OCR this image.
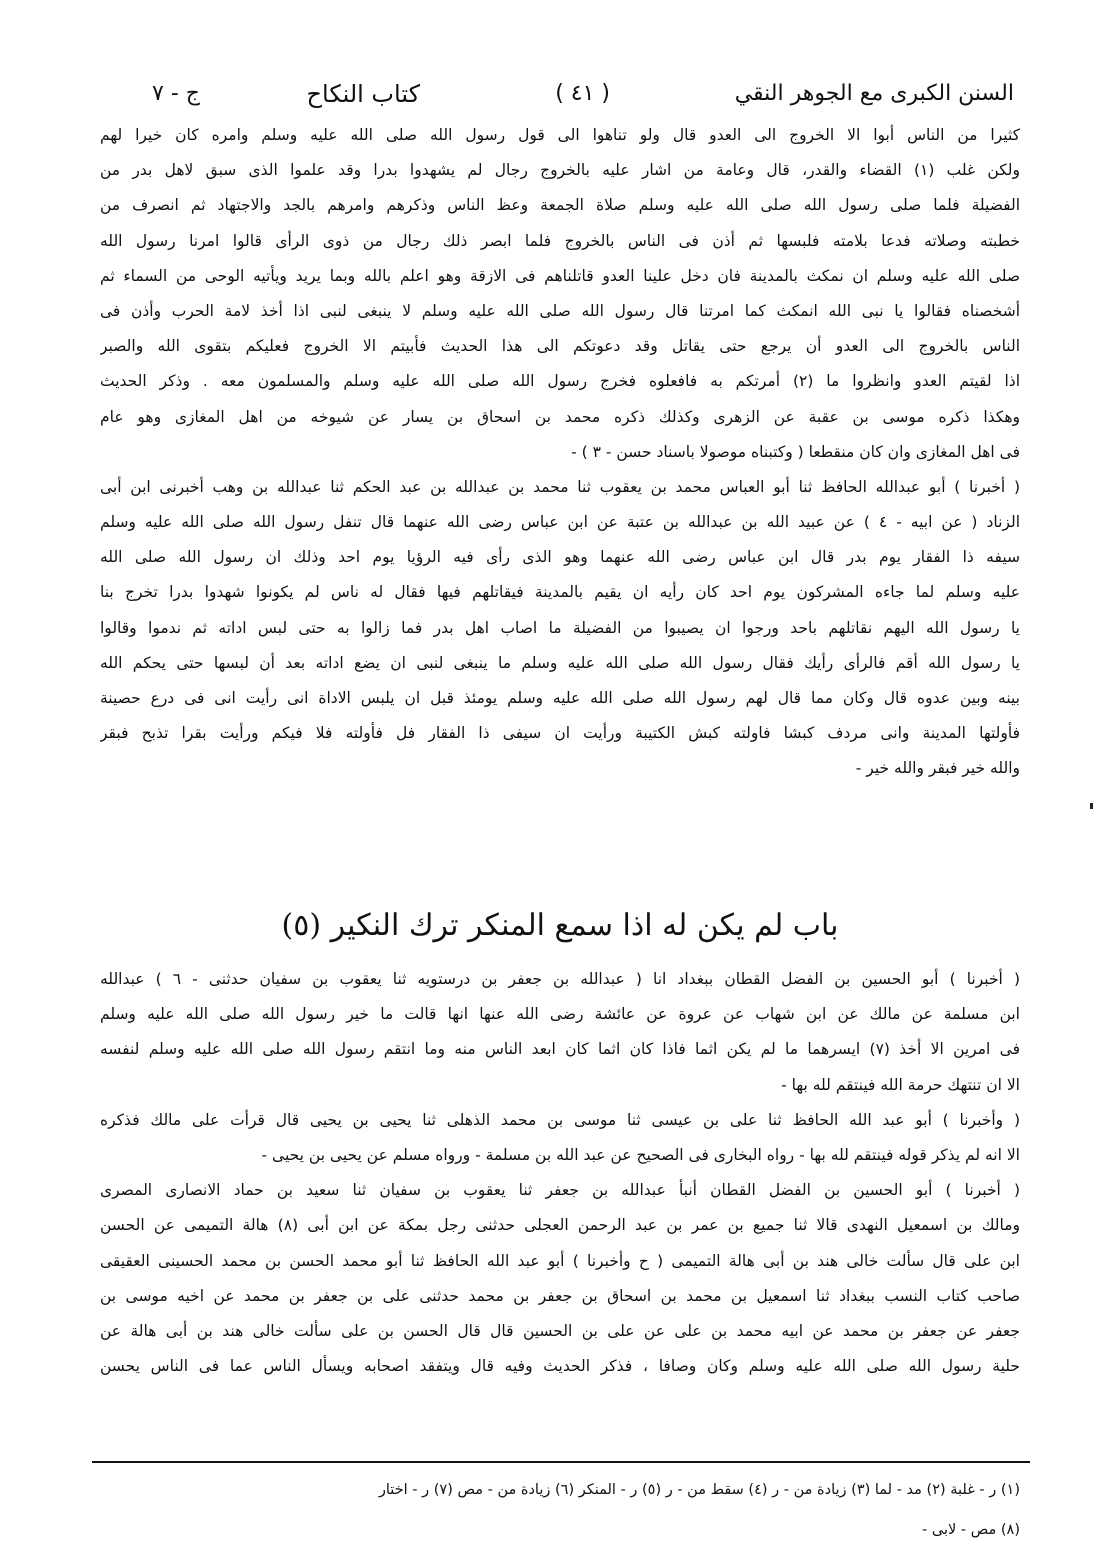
السنن الكبرى مع الجوهر النقي
( ٤١ )
كتاب النكاح
ج - ٧
كثيرا من الناس أبوا الا الخروج الى العدو قال ولو تناهوا الى قول رسول الله صلى الله عليه وسلم وامره كان خيرا لهم
ولكن غلب (١) القضاء والقدر، قال وعامة من اشار عليه بالخروج رجال لم يشهدوا بدرا وقد علموا الذى سبق لاهل بدر من
الفضيلة فلما صلى رسول الله صلى الله عليه وسلم صلاة الجمعة وعظ الناس وذكرهم وامرهم بالجد والاجتهاد ثم انصرف من
خطبته وصلاته فدعا بلامته فلبسها ثم أذن فى الناس بالخروج فلما ابصر ذلك رجال من ذوى الرأى قالوا امرنا رسول الله
صلى الله عليه وسلم ان نمكث بالمدينة فان دخل علينا العدو قاتلناهم فى الازقة وهو اعلم بالله وبما يريد ويأتيه الوحى من السماء ثم
أشخصناه فقالوا يا نبى الله انمكث كما امرتنا قال رسول الله صلى الله عليه وسلم لا ينبغى لنبى اذا أخذ لامة الحرب وأذن فى
الناس بالخروج الى العدو أن يرجع حتى يقاتل وقد دعوتكم الى هذا الحديث فأبيتم الا الخروج فعليكم بتقوى الله والصبر
اذا لقيتم العدو وانظروا ما (٢) أمرتكم به فافعلوه فخرج رسول الله صلى الله عليه وسلم والمسلمون معه . وذكر الحديث
وهكذا ذكره موسى بن عقبة عن الزهرى وكذلك ذكره محمد بن اسحاق بن يسار عن شيوخه من اهل المغازى وهو عام
فى اهل المغازى وان كان منقطعا ( وكتبناه موصولا باسناد حسن - ٣ ) -
( أخبرنا ) أبو عبدالله الحافظ ثنا أبو العباس محمد بن يعقوب ثنا محمد بن عبدالله بن عبد الحكم ثنا عبدالله بن وهب أخبرنى ابن أبى
الزناد ( عن ابيه - ٤ ) عن عبيد الله بن عبدالله بن عتبة عن ابن عباس رضى الله عنهما قال تنفل رسول الله صلى الله عليه وسلم
سيفه ذا الفقار يوم بدر قال ابن عباس رضى الله عنهما وهو الذى رأى فيه الرؤيا يوم احد وذلك ان رسول الله صلى الله
عليه وسلم لما جاءه المشركون يوم احد كان رأيه ان يقيم بالمدينة فيقاتلهم فيها فقال له ناس لم يكونوا شهدوا بدرا تخرج بنا
يا رسول الله اليهم نقاتلهم باحد ورجوا ان يصيبوا من الفضيلة ما اصاب اهل بدر فما زالوا به حتى لبس اداته ثم ندموا وقالوا
يا رسول الله أقم فالرأى رأيك فقال رسول الله صلى الله عليه وسلم ما ينبغى لنبى ان يضع اداته بعد أن لبسها حتى يحكم الله
بينه وبين عدوه قال وكان مما قال لهم رسول الله صلى الله عليه وسلم يومئذ قبل ان يلبس الاداة انى رأيت انى فى درع حصينة
فأولتها المدينة وانى مردف كبشا فاولته كبش الكتيبة ورأيت ان سيفى ذا الفقار فل فأولته فلا فيكم ورأيت بقرا تذبح فبقر
والله خير فبقر والله خير -
باب لم يكن له اذا سمع المنكر ترك النكير (٥)
( أخبرنا ) أبو الحسين بن الفضل القطان ببغداد انا ( عبدالله بن جعفر بن درستويه ثنا يعقوب بن سفيان حدثنى - ٦ ) عبدالله
ابن مسلمة عن مالك عن ابن شهاب عن عروة عن عائشة رضى الله عنها انها قالت ما خير رسول الله صلى الله عليه وسلم
فى امرين الا أخذ (٧) ايسرهما ما لم يكن اثما فاذا كان اثما كان ابعد الناس منه وما انتقم رسول الله صلى الله عليه وسلم لنفسه
الا ان تنتهك حرمة الله فينتقم لله بها -
( وأخبرنا ) أبو عبد الله الحافظ ثنا على بن عيسى ثنا موسى بن محمد الذهلى ثنا يحيى بن يحيى قال قرأت على مالك فذكره
الا انه لم يذكر قوله فينتقم لله بها - رواه البخارى فى الصحيح عن عبد الله بن مسلمة - ورواه مسلم عن يحيى بن يحيى -
( أخبرنا ) أبو الحسين بن الفضل القطان أنبأ عبدالله بن جعفر ثنا يعقوب بن سفيان ثنا سعيد بن حماد الانصارى المصرى
ومالك بن اسمعيل النهدى قالا ثنا جميع بن عمر بن عبد الرحمن العجلى حدثنى رجل بمكة عن ابن أبى (٨) هالة التميمى عن الحسن
ابن على قال سألت خالى هند بن أبى هالة التميمى ( ح وأخبرنا ) أبو عبد الله الحافظ ثنا أبو محمد الحسن بن محمد الحسينى العقيقى
صاحب كتاب النسب ببغداد ثنا اسمعيل بن محمد بن اسحاق بن جعفر بن محمد حدثنى على بن جعفر بن محمد عن اخيه موسى بن
جعفر عن جعفر بن محمد عن ابيه محمد بن على عن على بن الحسين قال قال الحسن بن على سألت خالى هند بن أبى هالة عن
حلية رسول الله صلى الله عليه وسلم وكان وصافا ، فذكر الحديث وفيه قال ويتفقد اصحابه ويسأل الناس عما فى الناس يحسن
(١) ر - غلبة (٢) مد - لما (٣) زيادة من - ر (٤) سقط من - ر (٥) ر - المنكر (٦) زيادة من - مص (٧) ر - اختار
(٨) مص - لابى -
